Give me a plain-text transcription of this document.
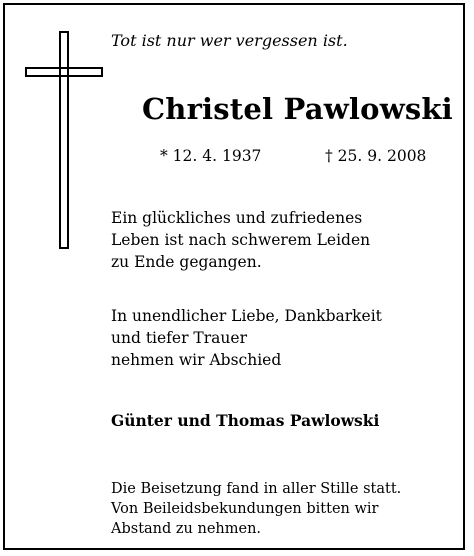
Tot ist nur wer vergessen ist.
Christel Pawlowski
* 12. 4. 1937	† 25. 9. 2008
Ein glückliches und zufriedenes
Leben ist nach schwerem Leiden
zu Ende gegangen.
In unendlicher Liebe, Dankbarkeit
und tiefer Trauer
nehmen wir Abschied
Günter und Thomas Pawlowski
Die Beisetzung fand in aller Stille statt.
Von Beileidsbekundungen bitten wir
Abstand zu nehmen.
